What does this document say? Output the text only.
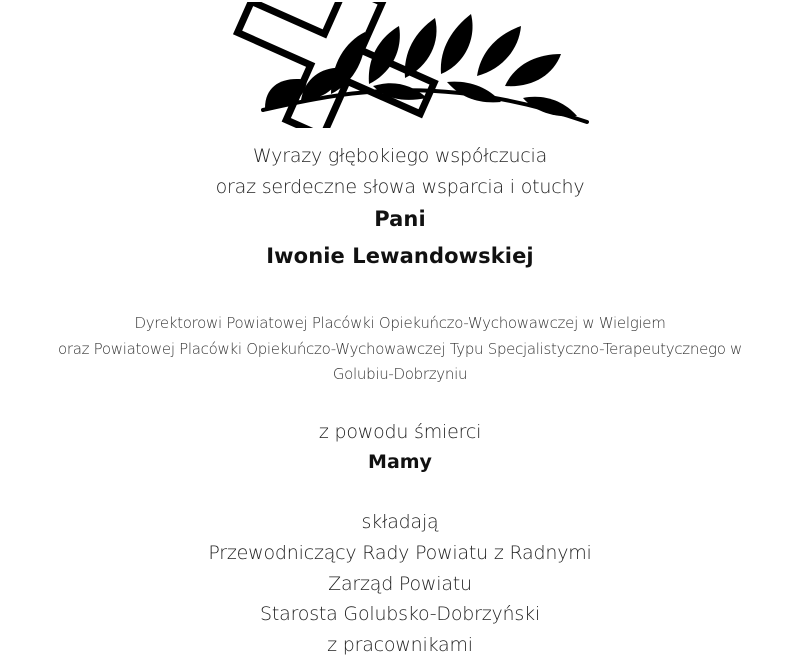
Wyrazy głębokiego współczucia
oraz serdeczne słowa wsparcia i otuchy
Pani
Iwonie Lewandowskiej
Dyrektorowi Powiatowej Placówki Opiekuńczo-Wychowawczej w Wielgiem
oraz Powiatowej Placówki Opiekuńczo-Wychowawczej Typu Specjalistyczno-Terapeutycznego w
Golubiu-Dobrzyniu
z powodu śmierci
Mamy
składają
Przewodniczący Rady Powiatu z Radnymi
Zarząd Powiatu
Starosta Golubsko-Dobrzyński
z pracownikami
